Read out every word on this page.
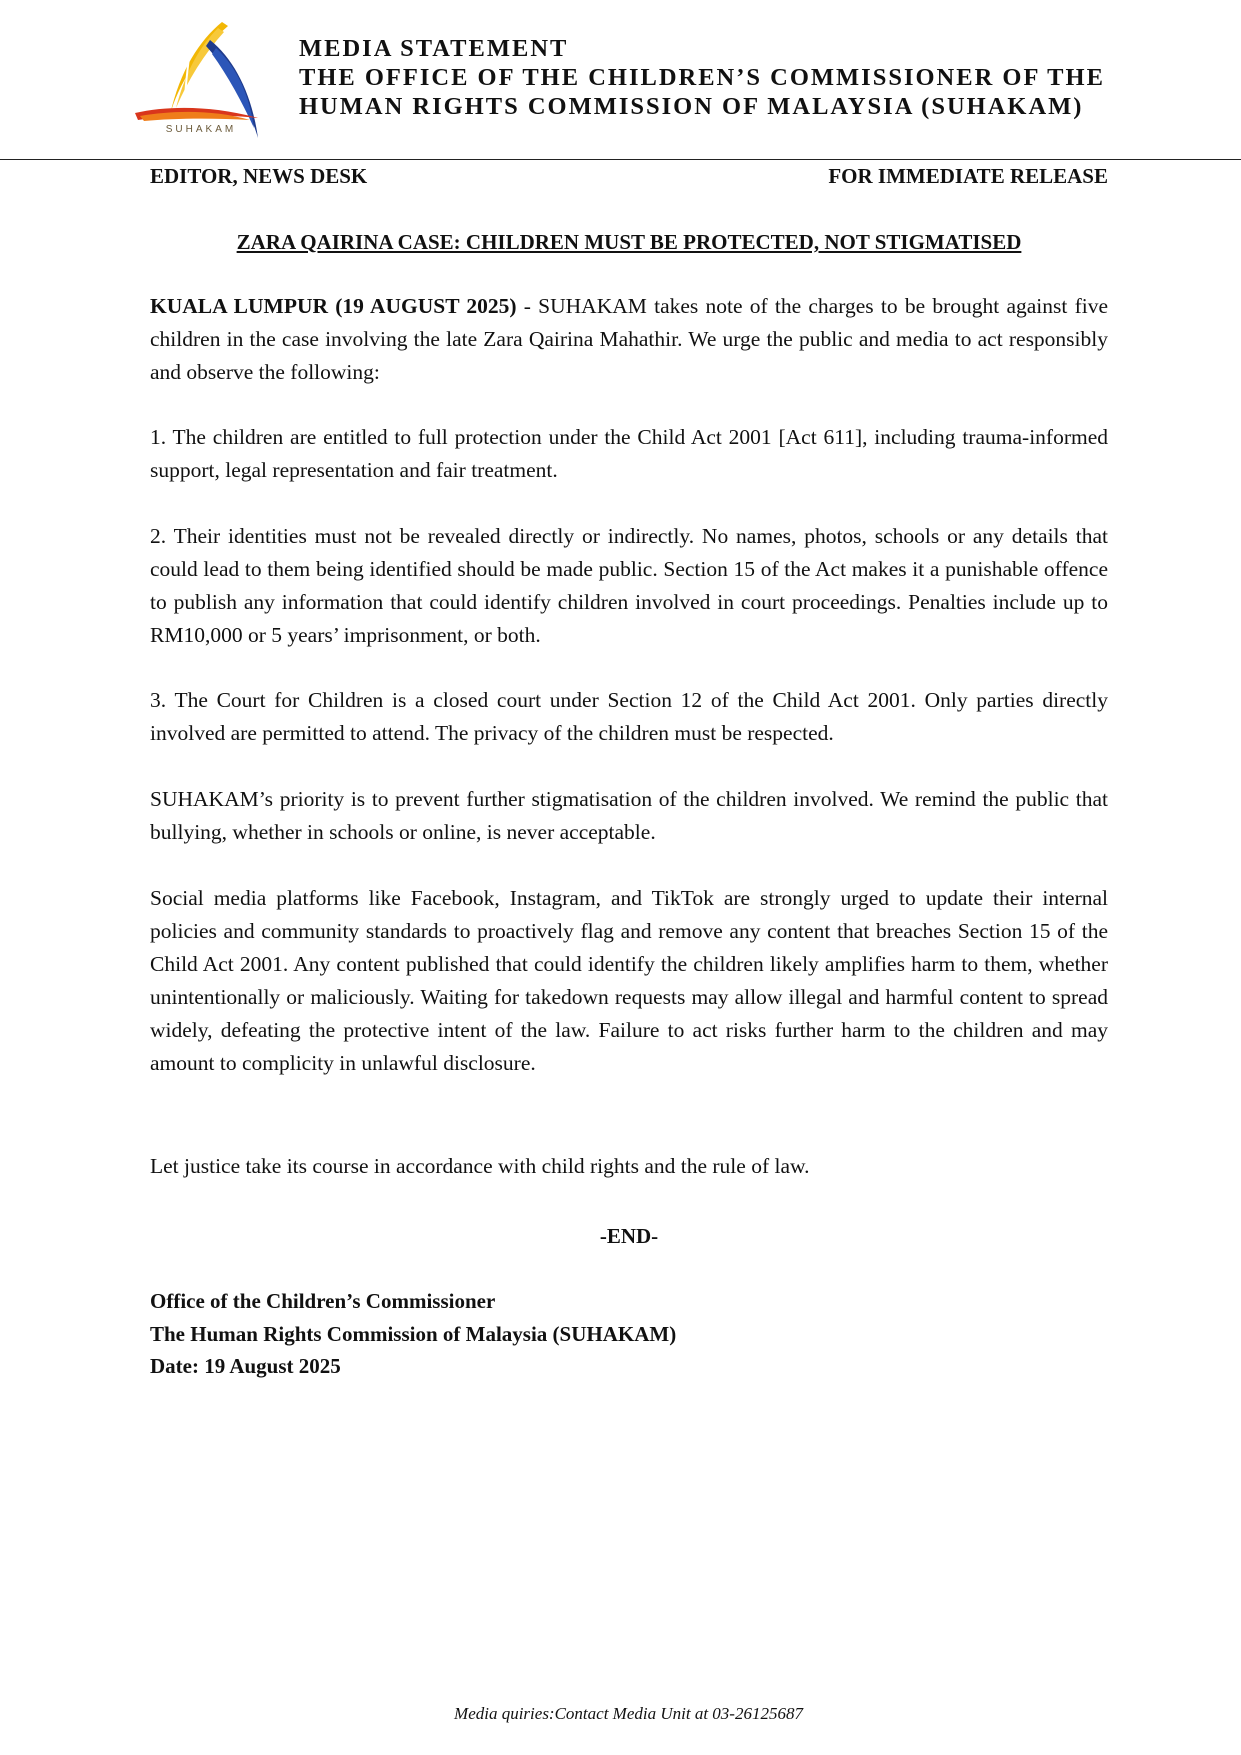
SUHAKAM
MEDIA STATEMENT
THE OFFICE OF THE CHILDREN’S COMMISSIONER OF THE
HUMAN RIGHTS COMMISSION OF MALAYSIA (SUHAKAM)
EDITOR, NEWS DESK	FOR IMMEDIATE RELEASE
ZARA QAIRINA CASE: CHILDREN MUST BE PROTECTED, NOT STIGMATISED

KUALA LUMPUR (19 AUGUST 2025) - SUHAKAM takes note of the charges to be brought against five children in the case involving the late Zara Qairina Mahathir. We urge the public and media to act responsibly and observe the following:

1. The children are entitled to full protection under the Child Act 2001 [Act 611], including trauma-informed support, legal representation and fair treatment.

2. Their identities must not be revealed directly or indirectly. No names, photos, schools or any details that could lead to them being identified should be made public. Section 15 of the Act makes it a punishable offence to publish any information that could identify children involved in court proceedings. Penalties include up to RM10,000 or 5 years’ imprisonment, or both.

3. The Court for Children is a closed court under Section 12 of the Child Act 2001. Only parties directly involved are permitted to attend. The privacy of the children must be respected.

SUHAKAM’s priority is to prevent further stigmatisation of the children involved. We remind the public that bullying, whether in schools or online, is never acceptable.

Social media platforms like Facebook, Instagram, and TikTok are strongly urged to update their internal policies and community standards to proactively flag and remove any content that breaches Section 15 of the Child Act 2001. Any content published that could identify the children likely amplifies harm to them, whether unintentionally or maliciously. Waiting for takedown requests may allow illegal and harmful content to spread widely, defeating the protective intent of the law. Failure to act risks further harm to the children and may amount to complicity in unlawful disclosure.

Let justice take its course in accordance with child rights and the rule of law.

-END-
Office of the Children’s Commissioner
The Human Rights Commission of Malaysia (SUHAKAM)
Date: 19 August 2025
Media quiries:Contact Media Unit at 03-26125687
